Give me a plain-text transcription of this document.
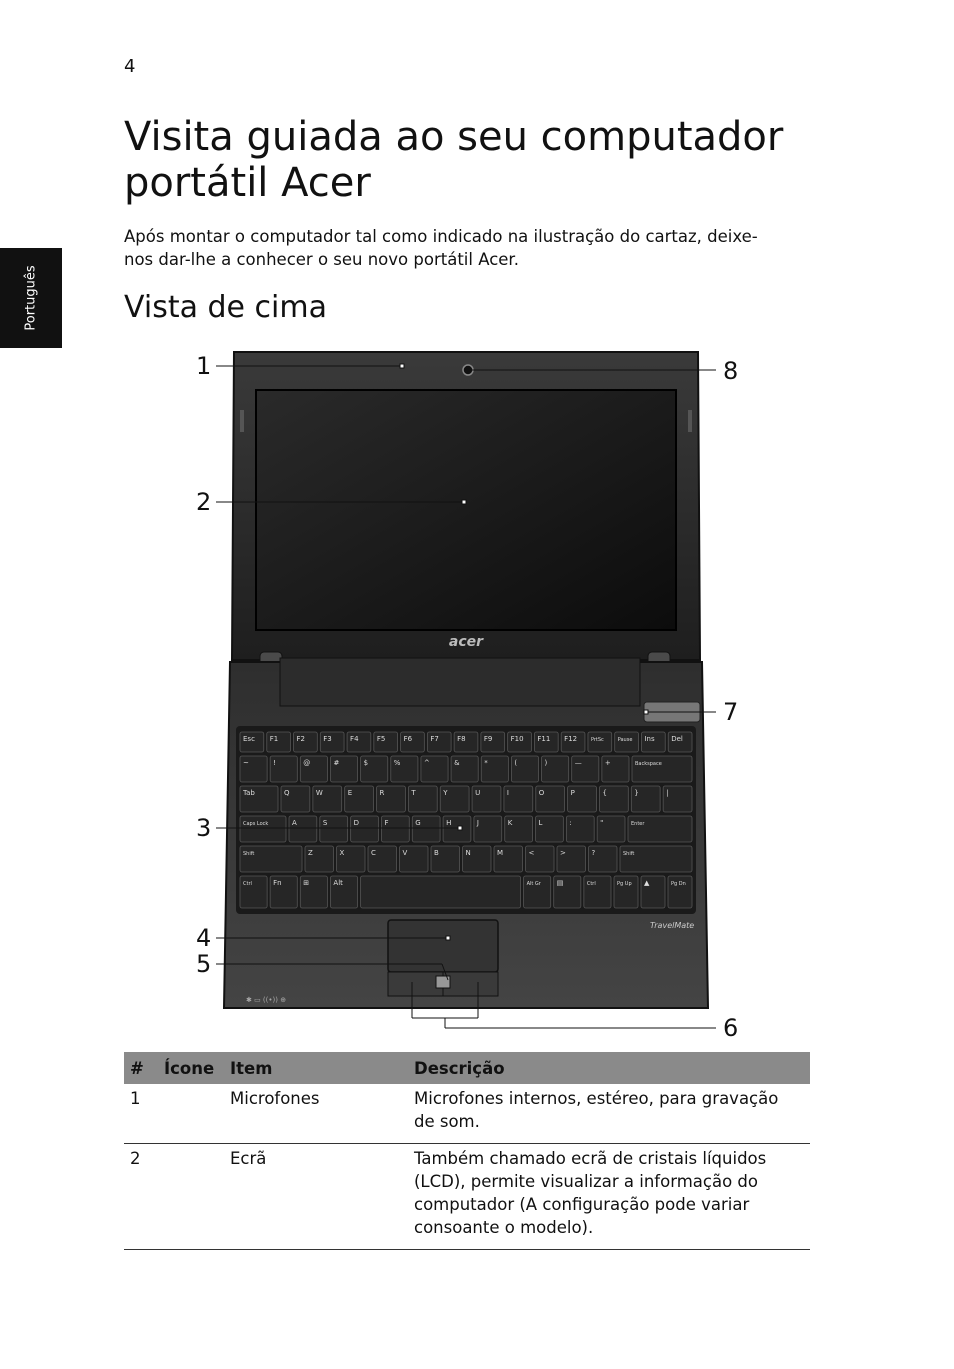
4
Português
Visita guiada ao seu computador portátil Acer

Após montar o computador tal como indicado na ilustração do cartaz, deixe-nos dar-lhe a conhecer o seu novo portátil Acer.

Vista de cima
acer
Esc F1	F2	F3	F4	F5	F6	F7	F8	F9	F10 F11 F12	PrtSc	Pause Ins Del
~	!	@	#	$	%	^	&	*	(	)	—	+	Backspace
Tab	Q	W	E	R	T	Y	U	I	O	P	{	}	|
Caps Lock	A	S	D	F	G	H	J	K	L	:	"	Enter
Shift	Z	X	C	V	B	N	M	<	>	?	Shift
Ctrl	Fn	⊞	Alt	Alt Gr ▤	Ctrl	Pg Up ▲	Pg Dn
TravelMate
✱ ▭ ((•)) ⊕
1
2
3
4
5
6
7
8
#	Ícone	Item	Descrição
1		Microfones	Microfones internos, estéreo, para gravação de som.
2		Ecrã	Também chamado ecrã de cristais líquidos (LCD), permite visualizar a informação do computador (A configuração pode variar consoante o modelo).
